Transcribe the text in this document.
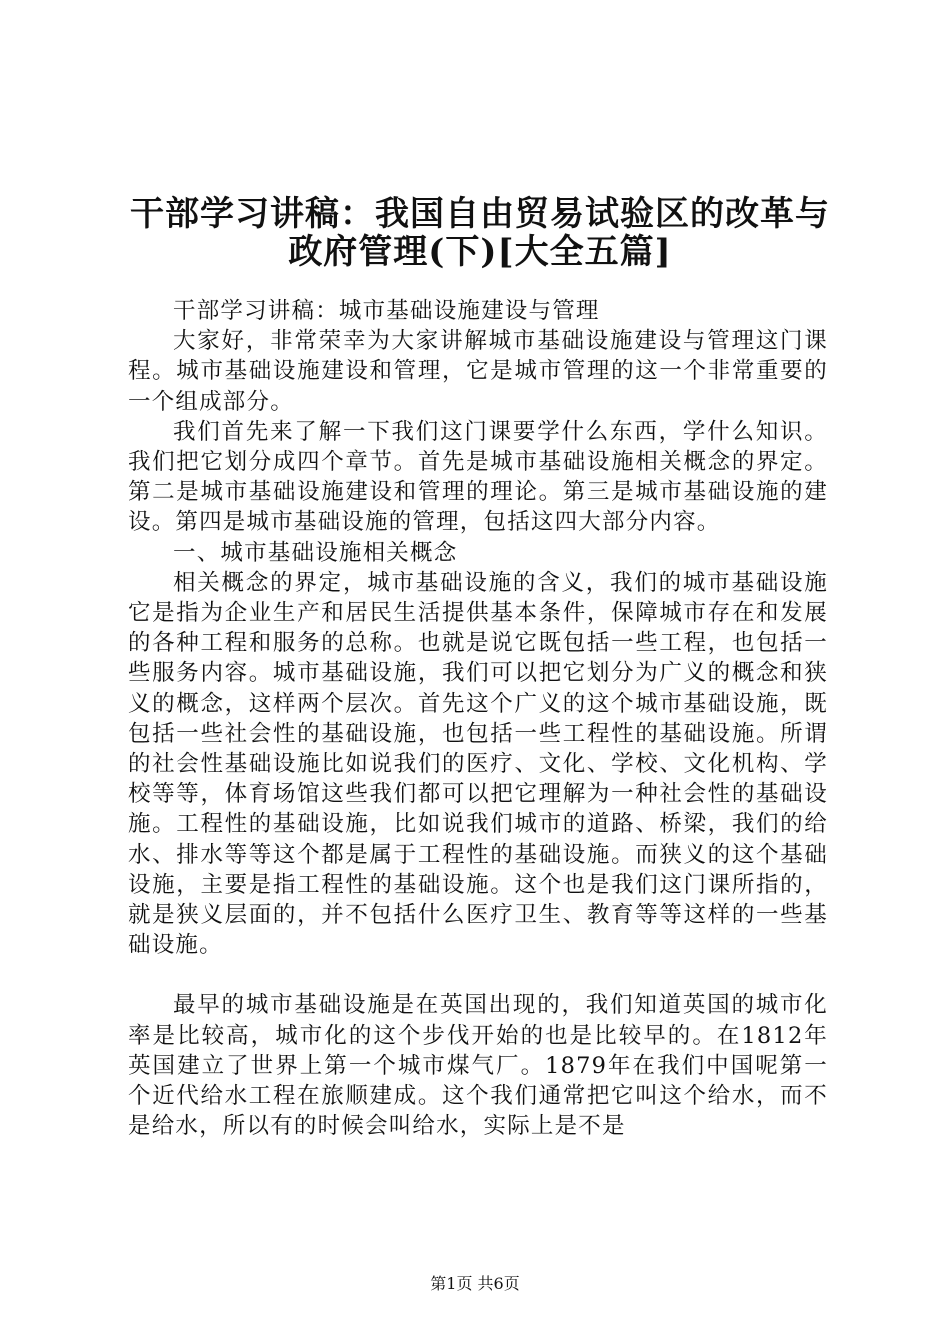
干部学习讲稿：我国自由贸易试验区的改革与
政府管理(下)[大全五篇]

干部学习讲稿：城市基础设施建设与管理

大家好，非常荣幸为大家讲解城市基础设施建设与管理这门课程。城市基础设施建设和管理，它是城市管理的这一个非常重要的一个组成部分。

我们首先来了解一下我们这门课要学什么东西，学什么知识。我们把它划分成四个章节。首先是城市基础设施相关概念的界定。第二是城市基础设施建设和管理的理论。第三是城市基础设施的建设。第四是城市基础设施的管理，包括这四大部分内容。

一、城市基础设施相关概念

相关概念的界定，城市基础设施的含义，我们的城市基础设施它是指为企业生产和居民生活提供基本条件，保障城市存在和发展的各种工程和服务的总称。也就是说它既包括一些工程，也包括一些服务内容。城市基础设施，我们可以把它划分为广义的概念和狭义的概念，这样两个层次。首先这个广义的这个城市基础设施，既包括一些社会性的基础设施，也包括一些工程性的基础设施。所谓的社会性基础设施比如说我们的医疗、文化、学校、文化机构、学校等等，体育场馆这些我们都可以把它理解为一种社会性的基础设施。工程性的基础设施，比如说我们城市的道路、桥梁，我们的给水、排水等等这个都是属于工程性的基础设施。而狭义的这个基础设施，主要是指工程性的基础设施。这个也是我们这门课所指的，就是狭义层面的，并不包括什么医疗卫生、教育等等这样的一些基础设施。

最早的城市基础设施是在英国出现的，我们知道英国的城市化率是比较高，城市化的这个步伐开始的也是比较早的。在1812年英国建立了世界上第一个城市煤气厂。1879年在我们中国呢第一个近代给水工程在旅顺建成。这个我们通常把它叫这个给水，而不是给水，所以有的时候会叫给水，实际上是不是

第1页 共6页
